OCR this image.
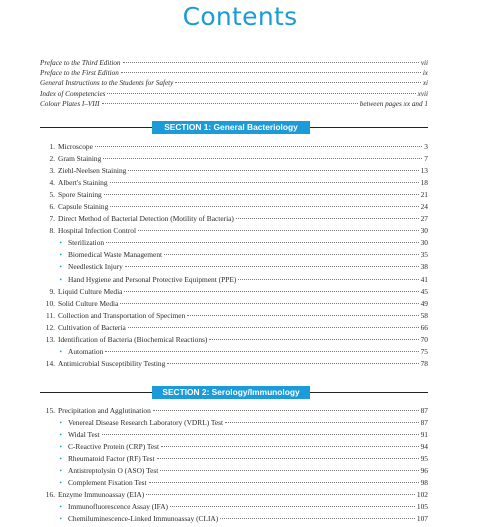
Contents
Preface to the Third Edition	vii
Preface to the First Edition	ix
General Instructions to the Students for Safety	xi
Index of Competencies	xvii
Colour Plates I–VIII	between pages xx and 1
SECTION 1: General Bacteriology
1. Microscope	3
2. Gram Staining	7
3. Ziehl-Neelsen Staining	13
4. Albert's Staining	18
5. Spore Staining	21
6. Capsule Staining	24
7. Direct Method of Bacterial Detection (Motility of Bacteria)	27
8. Hospital Infection Control	30
• Sterilization	30
• Biomedical Waste Management	35
• Needlestick Injury	38
• Hand Hygiene and Personal Protective Equipment (PPE)	41
9. Liquid Culture Media	45
10. Solid Culture Media	49
11. Collection and Transportation of Specimen	58
12. Cultivation of Bacteria	66
13. Identification of Bacteria (Biochemical Reactions)	70
• Automation	75
14. Antimicrobial Susceptibility Testing	78
SECTION 2: Serology/Immunology
15. Precipitation and Agglutination	87
• Venereal Disease Research Laboratory (VDRL) Test	87
• Widal Test	91
• C-Reactive Protein (CRP) Test	94
• Rheumatoid Factor (RF) Test	95
• Antistreptolysin O (ASO) Test	96
• Complement Fixation Test	98
16. Enzyme Immunoassay (EIA)	102
• Immunofluorescence Assay (IFA)	105
• Chemiluminescence-Linked Immunoassay (CLIA)	107
